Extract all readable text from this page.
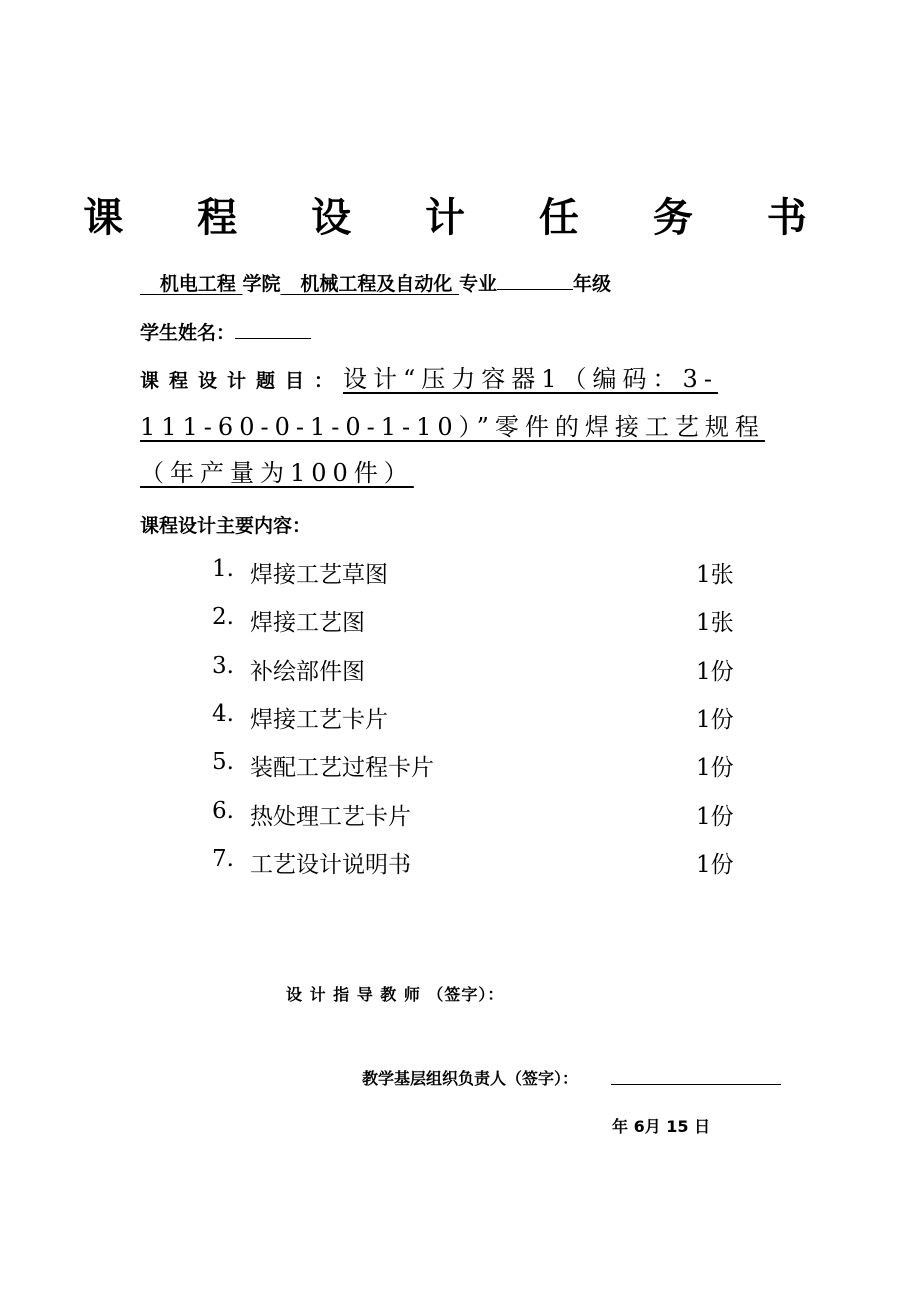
课 程 设 计 任 务 书
机电工程 学院 机械工程及自动化 专业	年级
学生姓名：
课程设计题目：设计“压力容器1（编码：3-111-60-0-1-0-1-10）”零件的焊接工艺规程（年产量为100件）
课程设计主要内容：
1. 焊接工艺草图	1张
2. 焊接工艺图	1张
3. 补绘部件图	1份
4. 焊接工艺卡片	1份
5. 装配工艺过程卡片	1份
6. 热处理工艺卡片	1份
7. 工艺设计说明书	1份
设 计 指 导 教 师 （签字）：
教学基层组织负责人（签字）：
年 6月 15 日
